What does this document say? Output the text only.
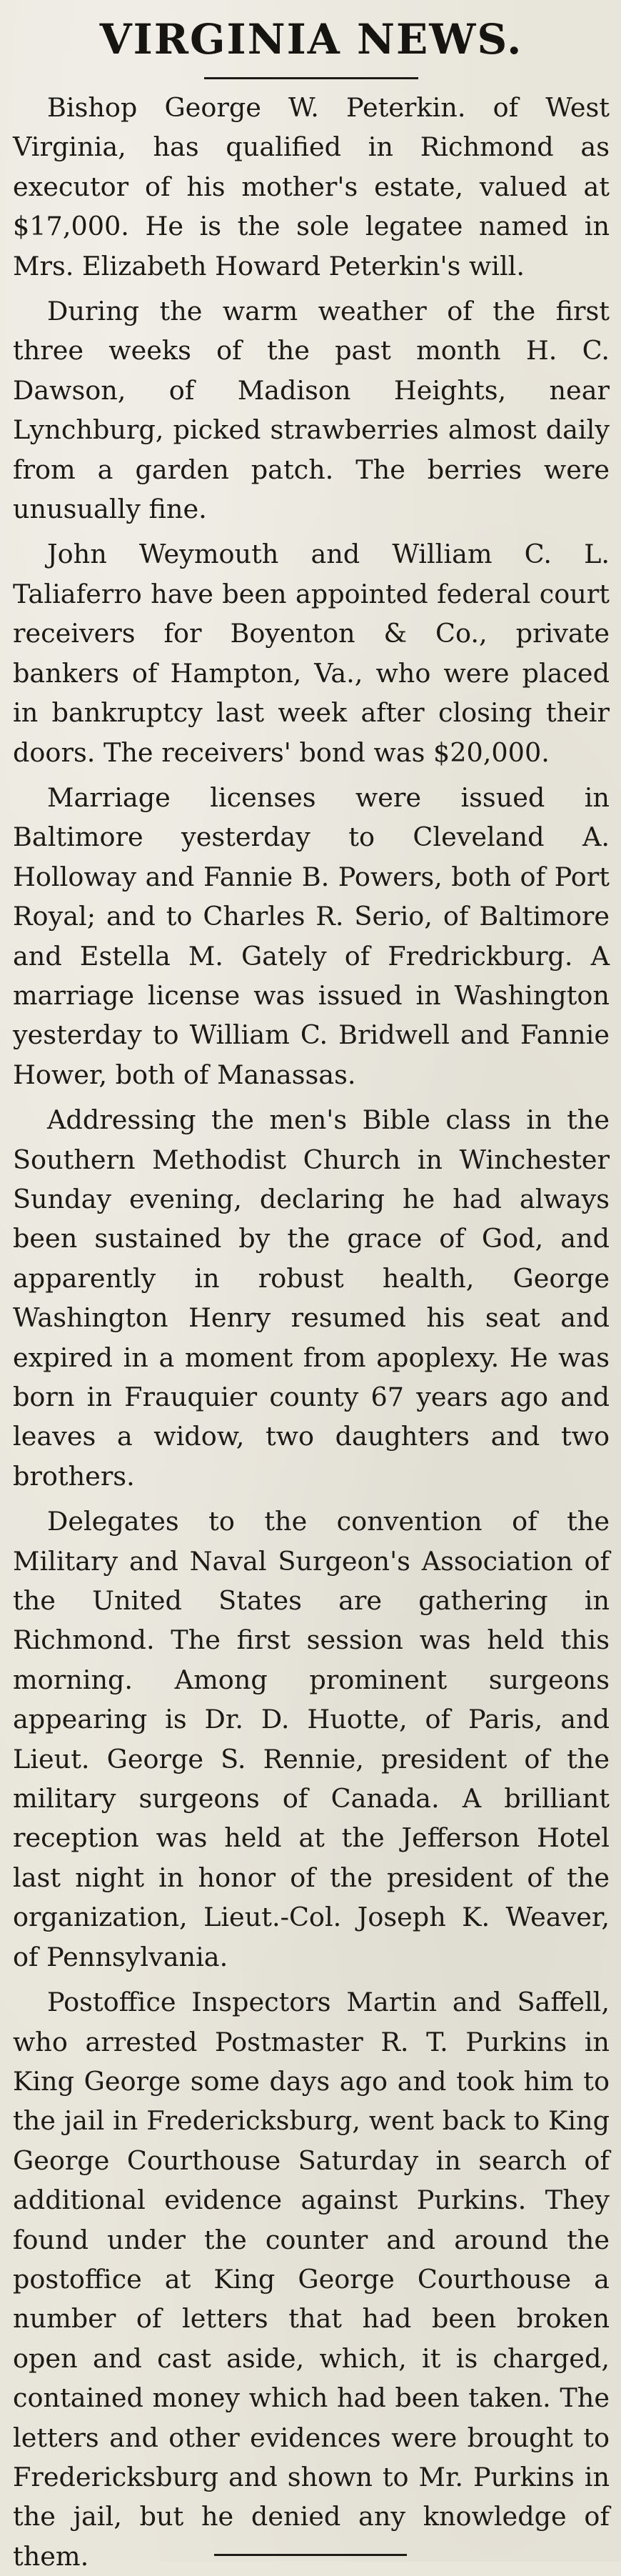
VIRGINIA NEWS.

Bishop George W. Peterkin. of West Virginia, has qualified in Richmond as executor of his mother's estate, valued at $17,000. He is the sole legatee named in Mrs. Elizabeth Howard Peterkin's will.

During the warm weather of the first three weeks of the past month H. C. Dawson, of Madison Heights, near Lynchburg, picked strawberries almost daily from a garden patch. The berries were unusually fine.

John Weymouth and William C. L. Taliaferro have been appointed federal court receivers for Boyenton & Co., private bankers of Hampton, Va., who were placed in bankruptcy last week after closing their doors. The receivers' bond was $20,000.

Marriage licenses were issued in Baltimore yesterday to Cleveland A. Holloway and Fannie B. Powers, both of Port Royal; and to Charles R. Serio, of Baltimore and Estella M. Gately of Fredrickburg. A marriage license was issued in Washington yesterday to William C. Bridwell and Fannie Hower, both of Manassas.

Addressing the men's Bible class in the Southern Methodist Church in Winchester Sunday evening, declaring he had always been sustained by the grace of God, and apparently in robust health, George Washington Henry resumed his seat and expired in a moment from apoplexy. He was born in Frauquier county 67 years ago and leaves a widow, two daughters and two brothers.

Delegates to the convention of the Military and Naval Surgeon's Association of the United States are gathering in Richmond. The first session was held this morning. Among prominent surgeons appearing is Dr. D. Huotte, of Paris, and Lieut. George S. Rennie, president of the military surgeons of Canada. A brilliant reception was held at the Jefferson Hotel last night in honor of the president of the organization, Lieut.-Col. Joseph K. Weaver, of Pennsylvania.

Postoffice Inspectors Martin and Saffell, who arrested Postmaster R. T. Purkins in King George some days ago and took him to the jail in Fredericksburg, went back to King George Courthouse Saturday in search of additional evidence against Purkins. They found under the counter and around the postoffice at King George Courthouse a number of letters that had been broken open and cast aside, which, it is charged, contained money which had been taken. The letters and other evidences were brought to Fredericksburg and shown to Mr. Purkins in the jail, but he denied any knowledge of them.
